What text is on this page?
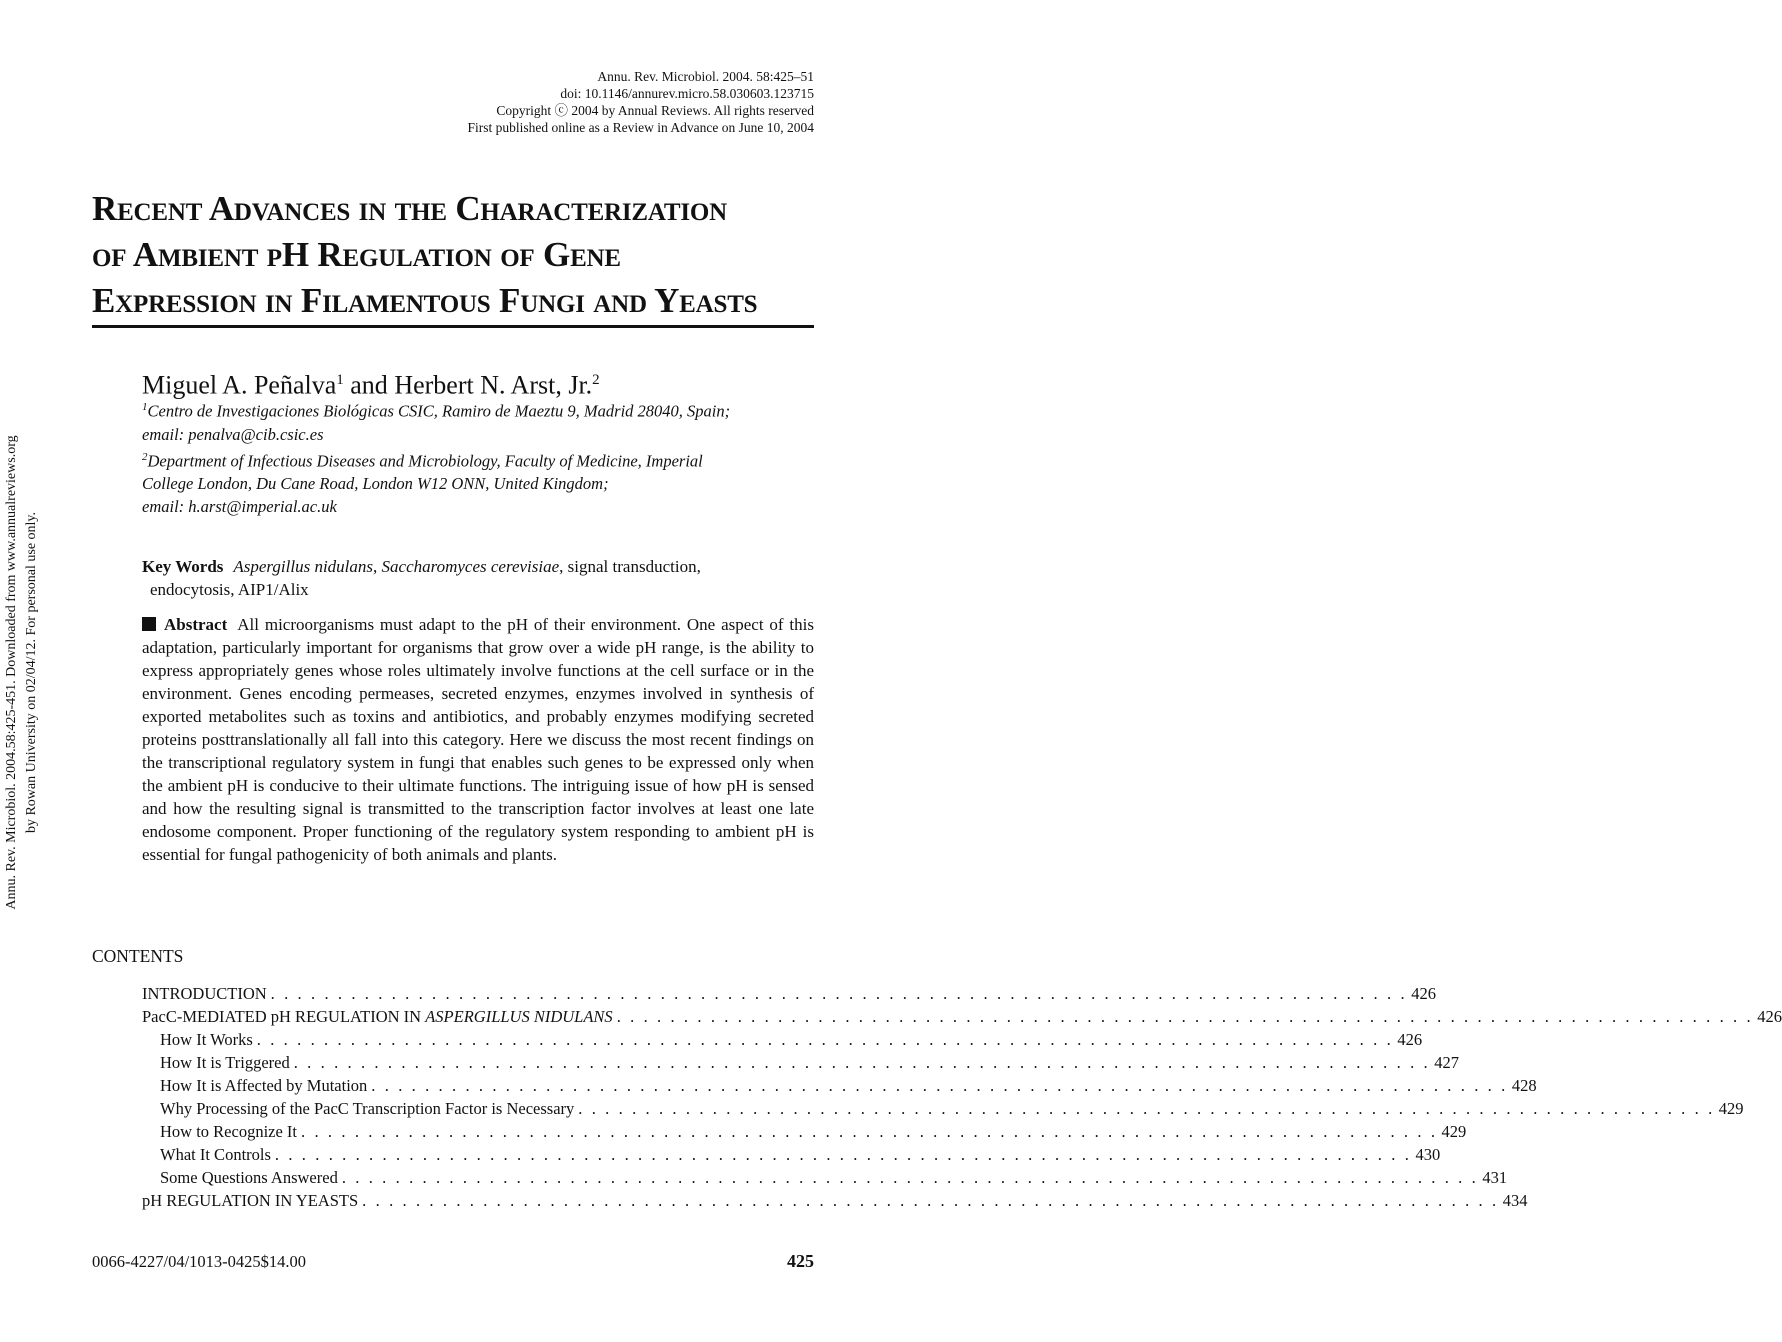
Annu. Rev. Microbiol. 2004.58:425-451. Downloaded from www.annualreviews.org by Rowan University on 02/04/12. For personal use only.
Annu. Rev. Microbiol. 2004. 58:425–51
doi: 10.1146/annurev.micro.58.030603.123715
Copyright ⓒ 2004 by Annual Reviews. All rights reserved
First published online as a Review in Advance on June 10, 2004
Recent Advances in the Characterization
of Ambient pH Regulation of Gene
Expression in Filamentous Fungi and Yeasts
Miguel A. Peñalva$^1$ and Herbert N. Arst, Jr.$^2$
$^1$Centro de Investigaciones Biológicas CSIC, Ramiro de Maeztu 9, Madrid 28040, Spain;
email: penalva@cib.csic.es
$^2$Department of Infectious Diseases and Microbiology, Faculty of Medicine, Imperial
College London, Du Cane Road, London W12 ONN, United Kingdom;
email: h.arst@imperial.ac.uk
Key Words Aspergillus nidulans, Saccharomyces cerevisiae, signal transduction,
endocytosis, AIP1/Alix
Abstract All microorganisms must adapt to the pH of their environment. One aspect of this adaptation, particularly important for organisms that grow over a wide pH range, is the ability to express appropriately genes whose roles ultimately involve functions at the cell surface or in the environment. Genes encoding permeases, secreted enzymes, enzymes involved in synthesis of exported metabolites such as toxins and antibiotics, and probably enzymes modifying secreted proteins posttranslationally all fall into this category. Here we discuss the most recent findings on the transcriptional regulatory system in fungi that enables such genes to be expressed only when the ambient pH is conducive to their ultimate functions. The intriguing issue of how pH is sensed and how the resulting signal is transmitted to the transcription factor involves at least one late endosome component. Proper functioning of the regulatory system responding to ambient pH is essential for fungal pathogenicity of both animals and plants.
CONTENTS
INTRODUCTION . . . . . . . . . . . . . . . . . . . . . . . . . . . . . . . . . . . . . . . . . . . . . . . . . . . . . . . . . . . . . . . . . . . . . . . . . . . . . . . . . . . . . 426
PacC-MEDIATED pH REGULATION IN ASPERGILLUS NIDULANS . . . . . . . . . . . . . . . . . . . . . . . . . . . . . . . . . . . . . . . . . . . . . . . . . . . . . . . . . . . . . . . . . . . . . . . . . . . . . . . . . . . . . 426
How It Works . . . . . . . . . . . . . . . . . . . . . . . . . . . . . . . . . . . . . . . . . . . . . . . . . . . . . . . . . . . . . . . . . . . . . . . . . . . . . . . . . . . . . 426
How It is Triggered . . . . . . . . . . . . . . . . . . . . . . . . . . . . . . . . . . . . . . . . . . . . . . . . . . . . . . . . . . . . . . . . . . . . . . . . . . . . . . . . . . . . . 427
How It is Affected by Mutation . . . . . . . . . . . . . . . . . . . . . . . . . . . . . . . . . . . . . . . . . . . . . . . . . . . . . . . . . . . . . . . . . . . . . . . . . . . . . . . . . . . . . 428
Why Processing of the PacC Transcription Factor is Necessary . . . . . . . . . . . . . . . . . . . . . . . . . . . . . . . . . . . . . . . . . . . . . . . . . . . . . . . . . . . . . . . . . . . . . . . . . . . . . . . . . . . . . 429
How to Recognize It . . . . . . . . . . . . . . . . . . . . . . . . . . . . . . . . . . . . . . . . . . . . . . . . . . . . . . . . . . . . . . . . . . . . . . . . . . . . . . . . . . . . . 429
What It Controls . . . . . . . . . . . . . . . . . . . . . . . . . . . . . . . . . . . . . . . . . . . . . . . . . . . . . . . . . . . . . . . . . . . . . . . . . . . . . . . . . . . . . 430
Some Questions Answered . . . . . . . . . . . . . . . . . . . . . . . . . . . . . . . . . . . . . . . . . . . . . . . . . . . . . . . . . . . . . . . . . . . . . . . . . . . . . . . . . . . . . 431
pH REGULATION IN YEASTS . . . . . . . . . . . . . . . . . . . . . . . . . . . . . . . . . . . . . . . . . . . . . . . . . . . . . . . . . . . . . . . . . . . . . . . . . . . . . . . . . . . . . 434
0066-4227/04/1013-0425$14.00	425
